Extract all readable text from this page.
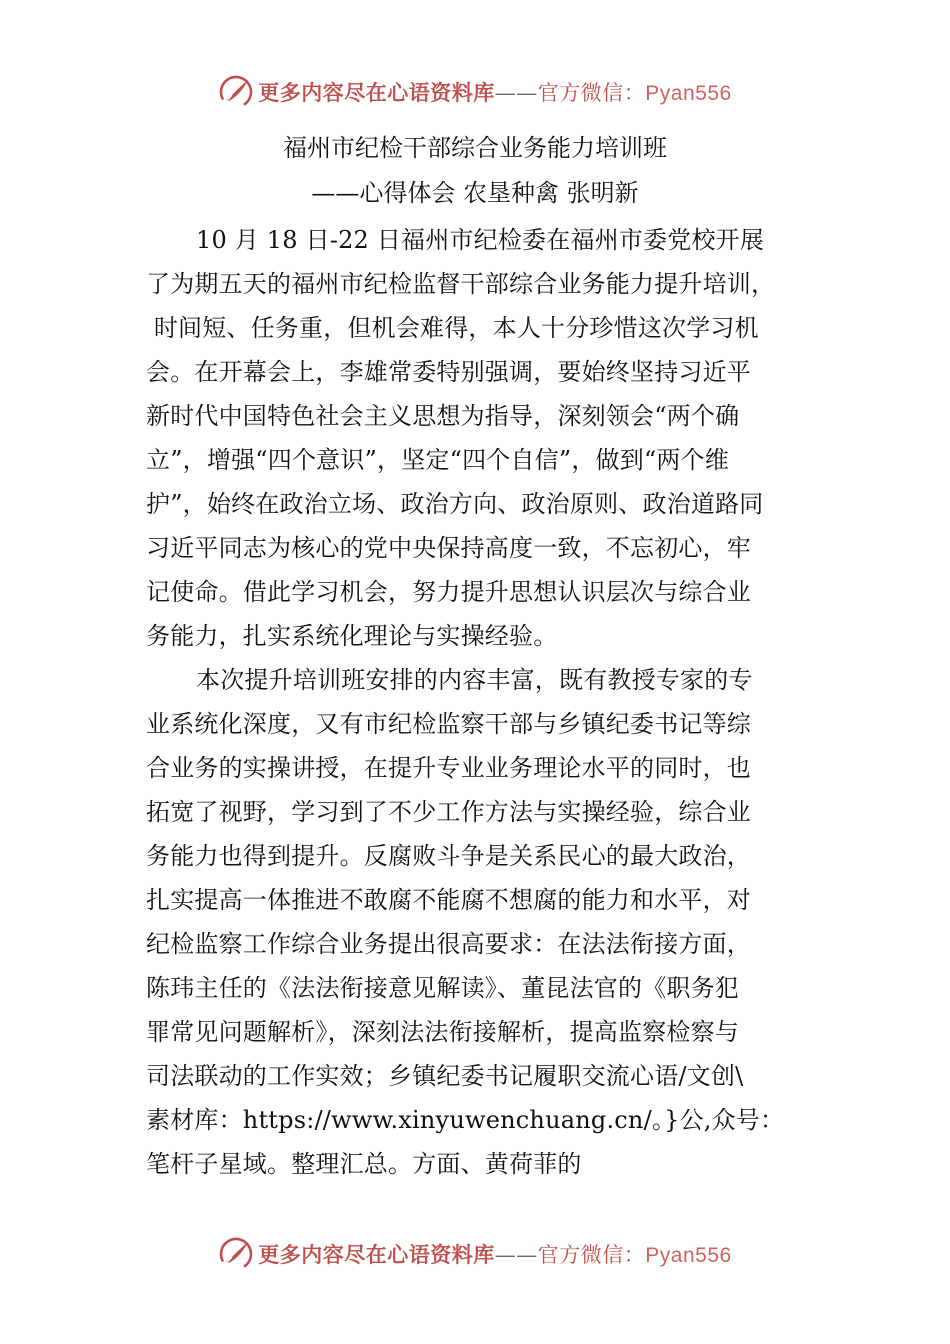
更多内容尽在心语资料库——官方微信：Pyan556
福州市纪检干部综合业务能力培训班
——心得体会 农垦种禽 张明新
10 月 18 日-22 日福州市纪检委在福州市委党校开展
了为期五天的福州市纪检监督干部综合业务能力提升培训，
时间短、任务重，但机会难得，本人十分珍惜这次学习机
会。在开幕会上，李雄常委特别强调，要始终坚持习近平
新时代中国特色社会主义思想为指导，深刻领会“两个确
立”，增强“四个意识”，坚定“四个自信”，做到“两个维
护”，始终在政治立场、政治方向、政治原则、政治道路同
习近平同志为核心的党中央保持高度一致，不忘初心，牢
记使命。借此学习机会，努力提升思想认识层次与综合业
务能力，扎实系统化理论与实操经验。
本次提升培训班安排的内容丰富，既有教授专家的专
业系统化深度，又有市纪检监察干部与乡镇纪委书记等综
合业务的实操讲授，在提升专业业务理论水平的同时，也
拓宽了视野，学习到了不少工作方法与实操经验，综合业
务能力也得到提升。反腐败斗争是关系民心的最大政治，
扎实提高一体推进不敢腐不能腐不想腐的能力和水平，对
纪检监察工作综合业务提出很高要求：在法法衔接方面，
陈玮主任的《法法衔接意见解读》、董昆法官的《职务犯
罪常见问题解析》，深刻法法衔接解析，提高监察检察与
司法联动的工作实效；乡镇纪委书记履职交流心语/文创\
素材库：https://www.xinyuwenchuang.cn/。}公,众号：
笔杆子星域。整理汇总。方面、黄荷菲的
更多内容尽在心语资料库——官方微信：Pyan556
